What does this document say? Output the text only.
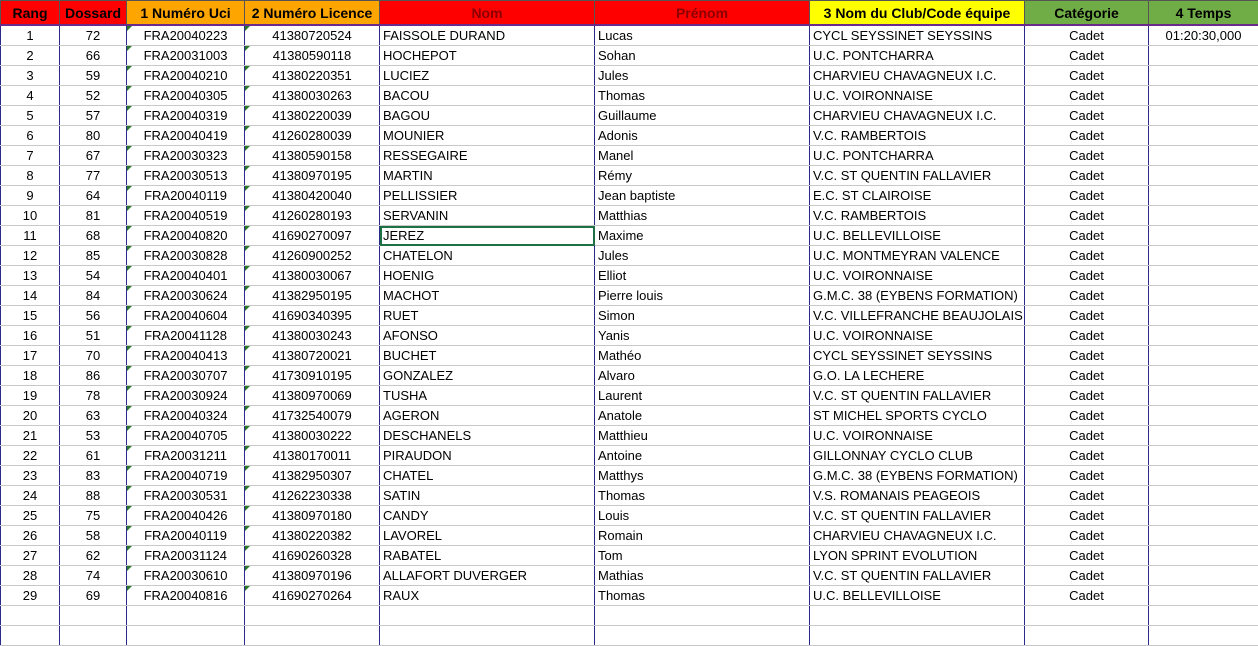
Rang	Dossard	1 Numéro Uci	2 Numéro Licence	Nom	Prénom	3 Nom du Club/Code équipe	Catégorie	4 Temps
1	72	FRA20040223	41380720524	FAISSOLE DURAND	Lucas	CYCL SEYSSINET SEYSSINS	Cadet	01:20:30,000
2	66	FRA20031003	41380590118	HOCHEPOT	Sohan	U.C. PONTCHARRA	Cadet	
3	59	FRA20040210	41380220351	LUCIEZ	Jules	CHARVIEU CHAVAGNEUX I.C.	Cadet	
4	52	FRA20040305	41380030263	BACOU	Thomas	U.C. VOIRONNAISE	Cadet	
5	57	FRA20040319	41380220039	BAGOU	Guillaume	CHARVIEU CHAVAGNEUX I.C.	Cadet	
6	80	FRA20040419	41260280039	MOUNIER	Adonis	V.C. RAMBERTOIS	Cadet	
7	67	FRA20030323	41380590158	RESSEGAIRE	Manel	U.C. PONTCHARRA	Cadet	
8	77	FRA20030513	41380970195	MARTIN	Rémy	V.C. ST QUENTIN FALLAVIER	Cadet	
9	64	FRA20040119	41380420040	PELLISSIER	Jean baptiste	E.C. ST CLAIROISE	Cadet	
10	81	FRA20040519	41260280193	SERVANIN	Matthias	V.C. RAMBERTOIS	Cadet	
11	68	FRA20040820	41690270097	JEREZ	Maxime	U.C. BELLEVILLOISE	Cadet	
12	85	FRA20030828	41260900252	CHATELON	Jules	U.C. MONTMEYRAN VALENCE	Cadet	
13	54	FRA20040401	41380030067	HOENIG	Elliot	U.C. VOIRONNAISE	Cadet	
14	84	FRA20030624	41382950195	MACHOT	Pierre louis	G.M.C. 38 (EYBENS FORMATION)	Cadet	
15	56	FRA20040604	41690340395	RUET	Simon	V.C. VILLEFRANCHE BEAUJOLAIS	Cadet	
16	51	FRA20041128	41380030243	AFONSO	Yanis	U.C. VOIRONNAISE	Cadet	
17	70	FRA20040413	41380720021	BUCHET	Mathéo	CYCL SEYSSINET SEYSSINS	Cadet	
18	86	FRA20030707	41730910195	GONZALEZ	Alvaro	G.O. LA LECHERE	Cadet	
19	78	FRA20030924	41380970069	TUSHA	Laurent	V.C. ST QUENTIN FALLAVIER	Cadet	
20	63	FRA20040324	41732540079	AGERON	Anatole	ST MICHEL SPORTS CYCLO	Cadet	
21	53	FRA20040705	41380030222	DESCHANELS	Matthieu	U.C. VOIRONNAISE	Cadet	
22	61	FRA20031211	41380170011	PIRAUDON	Antoine	GILLONNAY CYCLO CLUB	Cadet	
23	83	FRA20040719	41382950307	CHATEL	Matthys	G.M.C. 38 (EYBENS FORMATION)	Cadet	
24	88	FRA20030531	41262230338	SATIN	Thomas	V.S. ROMANAIS PEAGEOIS	Cadet	
25	75	FRA20040426	41380970180	CANDY	Louis	V.C. ST QUENTIN FALLAVIER	Cadet	
26	58	FRA20040119	41380220382	LAVOREL	Romain	CHARVIEU CHAVAGNEUX I.C.	Cadet	
27	62	FRA20031124	41690260328	RABATEL	Tom	LYON SPRINT EVOLUTION	Cadet	
28	74	FRA20030610	41380970196	ALLAFORT DUVERGER	Mathias	V.C. ST QUENTIN FALLAVIER	Cadet	
29	69	FRA20040816	41690270264	RAUX	Thomas	U.C. BELLEVILLOISE	Cadet	
